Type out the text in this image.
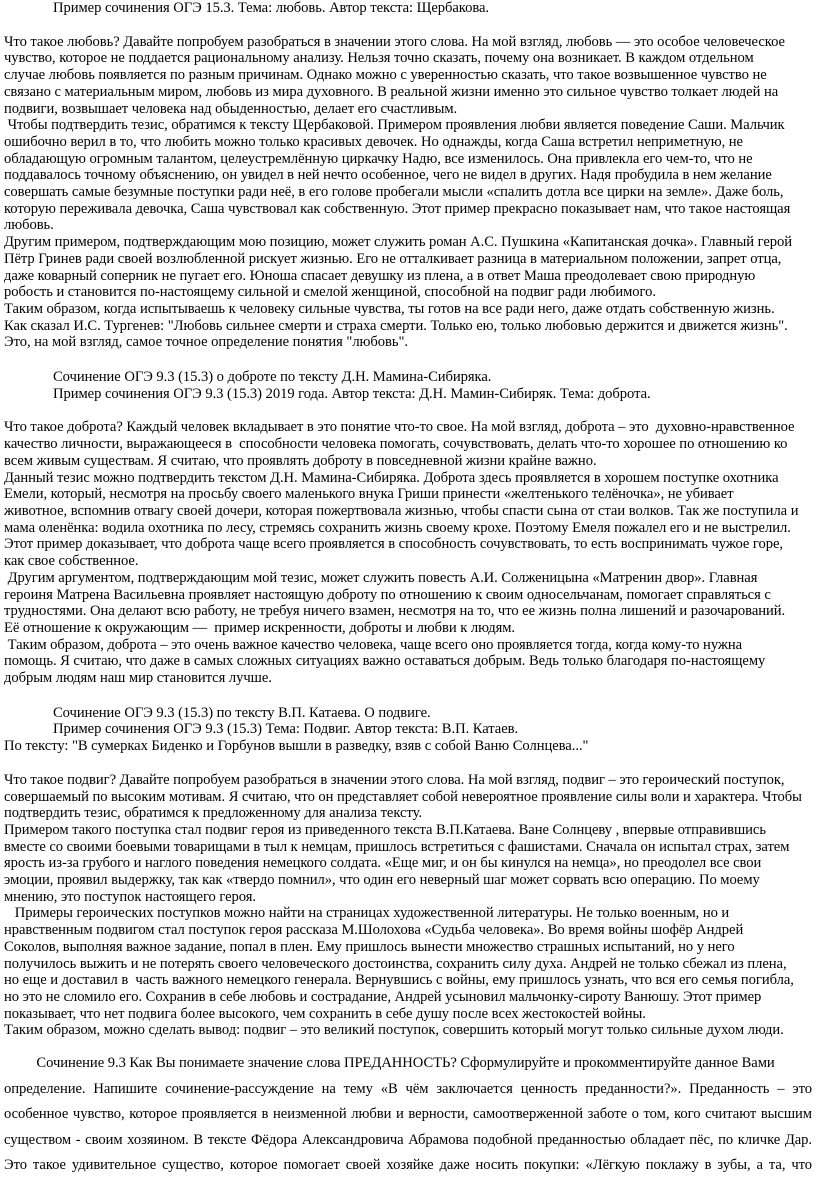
Пример сочинения ОГЭ 15.3. Тема: любовь. Автор текста: Щербакова.
Что такое любовь? Давайте попробуем разобраться в значении этого слова. На мой взгляд, любовь — это особое человеческое
чувство, которое не поддается рациональному анализу. Нельзя точно сказать, почему она возникает. В каждом отдельном
случае любовь появляется по разным причинам. Однако можно с уверенностью сказать, что такое возвышенное чувство не
связано с материальным миром, любовь из мира духовного. В реальной жизни именно это сильное чувство толкает людей на
подвиги, возвышает человека над обыденностью, делает его счастливым.
Чтобы подтвердить тезис, обратимся к тексту Щербаковой. Примером проявления любви является поведение Саши. Мальчик
ошибочно верил в то, что любить можно только красивых девочек. Но однажды, когда Саша встретил неприметную, не
обладающую огромным талантом, целеустремлённую циркачку Надю, все изменилось. Она привлекла его чем-то, что не
поддавалось точному объяснению, он увидел в ней нечто особенное, чего не видел в других. Надя пробудила в нем желание
совершать самые безумные поступки ради неё, в его голове пробегали мысли «спалить дотла все цирки на земле». Даже боль,
которую переживала девочка, Саша чувствовал как собственную. Этот пример прекрасно показывает нам, что такое настоящая
любовь.
Другим примером, подтверждающим мою позицию, может служить роман А.С. Пушкина «Капитанская дочка». Главный герой
Пётр Гринев ради своей возлюбленной рискует жизнью. Его не отталкивает разница в материальном положении, запрет отца,
даже коварный соперник не пугает его. Юноша спасает девушку из плена, а в ответ Маша преодолевает свою природную
робость и становится по-настоящему сильной и смелой женщиной, способной на подвиг ради любимого.
Таким образом, когда испытываешь к человеку сильные чувства, ты готов на все ради него, даже отдать собственную жизнь.
Как сказал И.С. Тургенев: "Любовь сильнее смерти и страха смерти. Только ею, только любовью держится и движется жизнь".
Это, на мой взгляд, самое точное определение понятия "любовь".
Сочинение ОГЭ 9.3 (15.3) о доброте по тексту Д.Н. Мамина-Сибиряка.
Пример сочинения ОГЭ 9.3 (15.3) 2019 года. Автор текста: Д.Н. Мамин-Сибиряк. Тема: доброта.
Что такое доброта? Каждый человек вкладывает в это понятие что-то свое. На мой взгляд, доброта – это  духовно-нравственное
качество личности, выражающееся в  способности человека помогать, сочувствовать, делать что-то хорошее по отношению ко
всем живым существам. Я считаю, что проявлять доброту в повседневной жизни крайне важно.
Данный тезис можно подтвердить текстом Д.Н. Мамина-Сибиряка. Доброта здесь проявляется в хорошем поступке охотника
Емели, который, несмотря на просьбу своего маленького внука Гриши принести «желтенького телёночка», не убивает
животное, вспомнив отвагу своей дочери, которая пожертвовала жизнью, чтобы спасти сына от стаи волков. Так же поступила и
мама оленёнка: водила охотника по лесу, стремясь сохранить жизнь своему крохе. Поэтому Емеля пожалел его и не выстрелил.
Этот пример доказывает, что доброта чаще всего проявляется в способность сочувствовать, то есть воспринимать чужое горе,
как свое собственное.
Другим аргументом, подтверждающим мой тезис, может служить повесть А.И. Солженицына «Матренин двор». Главная
героиня Матрена Васильевна проявляет настоящую доброту по отношению к своим односельчанам, помогает справляться с
трудностями. Она делают всю работу, не требуя ничего взамен, несмотря на то, что ее жизнь полна лишений и разочарований.
Её отношение к окружающим —  пример искренности, доброты и любви к людям.
Таким образом, доброта – это очень важное качество человека, чаще всего оно проявляется тогда, когда кому-то нужна
помощь. Я считаю, что даже в самых сложных ситуациях важно оставаться добрым. Ведь только благодаря по-настоящему
добрым людям наш мир становится лучше.
Сочинение ОГЭ 9.3 (15.3) по тексту В.П. Катаева. О подвиге.
Пример сочинения ОГЭ 9.3 (15.3) Тема: Подвиг. Автор текста: В.П. Катаев.
По тексту: "В сумерках Биденко и Горбунов вышли в разведку, взяв с собой Ваню Солнцева..."
Что такое подвиг? Давайте попробуем разобраться в значении этого слова. На мой взгляд, подвиг – это героический поступок,
совершаемый по высоким мотивам. Я считаю, что он представляет собой невероятное проявление силы воли и характера. Чтобы
подтвердить тезис, обратимся к предложенному для анализа тексту.
Примером такого поступка стал подвиг героя из приведенного текста В.П.Катаева. Ване Солнцеву , впервые отправившись
вместе со своими боевыми товарищами в тыл к немцам, пришлось встретиться с фашистами. Сначала он испытал страх, затем
ярость из-за грубого и наглого поведения немецкого солдата. «Еще миг, и он бы кинулся на немца», но преодолел все свои
эмоции, проявил выдержку, так как «твердо помнил», что один его неверный шаг может сорвать всю операцию. По моему
мнению, это поступок настоящего героя.
Примеры героических поступков можно найти на страницах художественной литературы. Не только военным, но и
нравственным подвигом стал поступок героя рассказа М.Шолохова «Судьба человека». Во время войны шофёр Андрей
Соколов, выполняя важное задание, попал в плен. Ему пришлось вынести множество страшных испытаний, но у него
получилось выжить и не потерять своего человеческого достоинства, сохранить силу духа. Андрей не только сбежал из плена,
но еще и доставил в  часть важного немецкого генерала. Вернувшись с войны, ему пришлось узнать, что вся его семья погибла,
но это не сломило его. Сохранив в себе любовь и сострадание, Андрей усыновил мальчонку-сироту Ванюшу. Этот пример
показывает, что нет подвига более высокого, чем сохранить в себе душу после всех жестокостей войны.
Таким образом, можно сделать вывод: подвиг – это великий поступок, совершить который могут только сильные духом люди.
Сочинение 9.3 Как Вы понимаете значение слова ПРЕДАННОСТЬ? Сформулируйте и прокомментируйте данное Вами
определение. Напишите сочинение-рассуждение на тему «В чём заключается ценность преданности?». Преданность – это
особенное чувство, которое проявляется в неизменной любви и верности, самоотверженной заботе о том, кого считают высшим
существом - своим хозяином. В тексте Фёдора Александровича Абрамова подобной преданностью обладает пёс, по кличке Дар.
Это такое удивительное существо, которое помогает своей хозяйке даже носить покупки: «Лёгкую поклажу в зубы, а та, что
